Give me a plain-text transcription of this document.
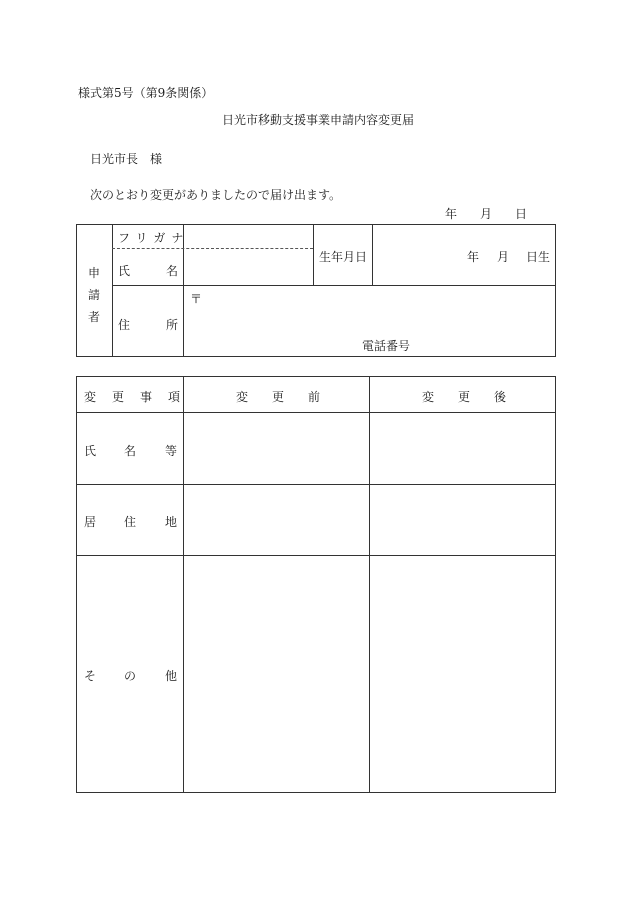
様式第5号（第9条関係）
日光市移動支援事業申請内容変更届
日光市長　様
次のとおり変更がありましたので届け出ます。
年 月 日
申
請
者
フリガナ
氏	名
生年月日	年 月 日生
住	所
〒
電話番号
変　更　事　項	変　　更　　前	変　　更　　後
氏 名 等
居 住 地
そ の 他
